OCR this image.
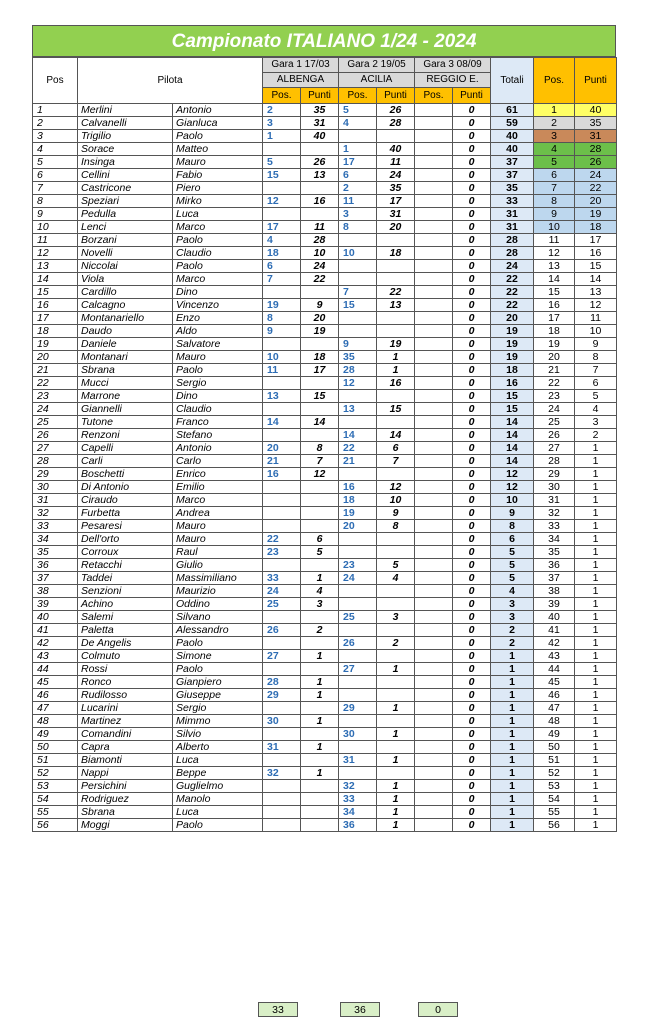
Campionato ITALIANO 1/24 - 2024
Pos	Pilota		Gara 1 17/03		Gara 2 19/05		Gara 3 08/09		Totali	Pos.	Punti
			ALBENGA		ACILIA		REGGIO E.				
			Pos.	Punti	Pos.	Punti	Pos.	Punti			
1	Merlini	Antonio	2	35	5	26		0	61	1	40
2	Calvanelli	Gianluca	3	31	4	28		0	59	2	35
3	Trigilio	Paolo	1	40				0	40	3	31
4	Sorace	Matteo			1	40		0	40	4	28
5	Insinga	Mauro	5	26	17	11		0	37	5	26
6	Cellini	Fabio	15	13	6	24		0	37	6	24
7	Castricone	Piero			2	35		0	35	7	22
8	Speziari	Mirko	12	16	11	17		0	33	8	20
9	Pedulla	Luca			3	31		0	31	9	19
10	Lenci	Marco	17	11	8	20		0	31	10	18
11	Borzani	Paolo	4	28				0	28	11	17
12	Novelli	Claudio	18	10	10	18		0	28	12	16
13	Niccolai	Paolo	6	24				0	24	13	15
14	Viola	Marco	7	22				0	22	14	14
15	Cardillo	Dino			7	22		0	22	15	13
16	Calcagno	Vincenzo	19	9	15	13		0	22	16	12
17	Montanariello	Enzo	8	20				0	20	17	11
18	Daudo	Aldo	9	19				0	19	18	10
19	Daniele	Salvatore			9	19		0	19	19	9
20	Montanari	Mauro	10	18	35	1		0	19	20	8
21	Sbrana	Paolo	11	17	28	1		0	18	21	7
22	Mucci	Sergio			12	16		0	16	22	6
23	Marrone	Dino	13	15				0	15	23	5
24	Giannelli	Claudio			13	15		0	15	24	4
25	Tutone	Franco	14	14				0	14	25	3
26	Renzoni	Stefano			14	14		0	14	26	2
27	Capelli	Antonio	20	8	22	6		0	14	27	1
28	Carli	Carlo	21	7	21	7		0	14	28	1
29	Boschetti	Enrico	16	12				0	12	29	1
30	Di Antonio	Emilio			16	12		0	12	30	1
31	Ciraudo	Marco			18	10		0	10	31	1
32	Furbetta	Andrea			19	9		0	9	32	1
33	Pesaresi	Mauro			20	8		0	8	33	1
34	Dell'orto	Mauro	22	6				0	6	34	1
35	Corroux	Raul	23	5				0	5	35	1
36	Retacchi	Giulio			23	5		0	5	36	1
37	Taddei	Massimiliano	33	1	24	4		0	5	37	1
38	Senzioni	Maurizio	24	4				0	4	38	1
39	Achino	Oddino	25	3				0	3	39	1
40	Salemi	Silvano			25	3		0	3	40	1
41	Paletta	Alessandro	26	2				0	2	41	1
42	De Angelis	Paolo			26	2		0	2	42	1
43	Colmuto	Simone	27	1				0	1	43	1
44	Rossi	Paolo			27	1		0	1	44	1
45	Ronco	Gianpiero	28	1				0	1	45	1
46	Rudilosso	Giuseppe	29	1				0	1	46	1
47	Lucarini	Sergio			29	1		0	1	47	1
48	Martinez	Mimmo	30	1				0	1	48	1
49	Comandini	Silvio			30	1		0	1	49	1
50	Capra	Alberto	31	1				0	1	50	1
51	Biamonti	Luca			31	1		0	1	51	1
52	Nappi	Beppe	32	1				0	1	52	1
53	Persichini	Guglielmo			32	1		0	1	53	1
54	Rodriguez	Manolo			33	1		0	1	54	1
55	Sbrana	Luca			34	1		0	1	55	1
56	Moggi	Paolo			36	1		0	1	56	1
33	36	0
